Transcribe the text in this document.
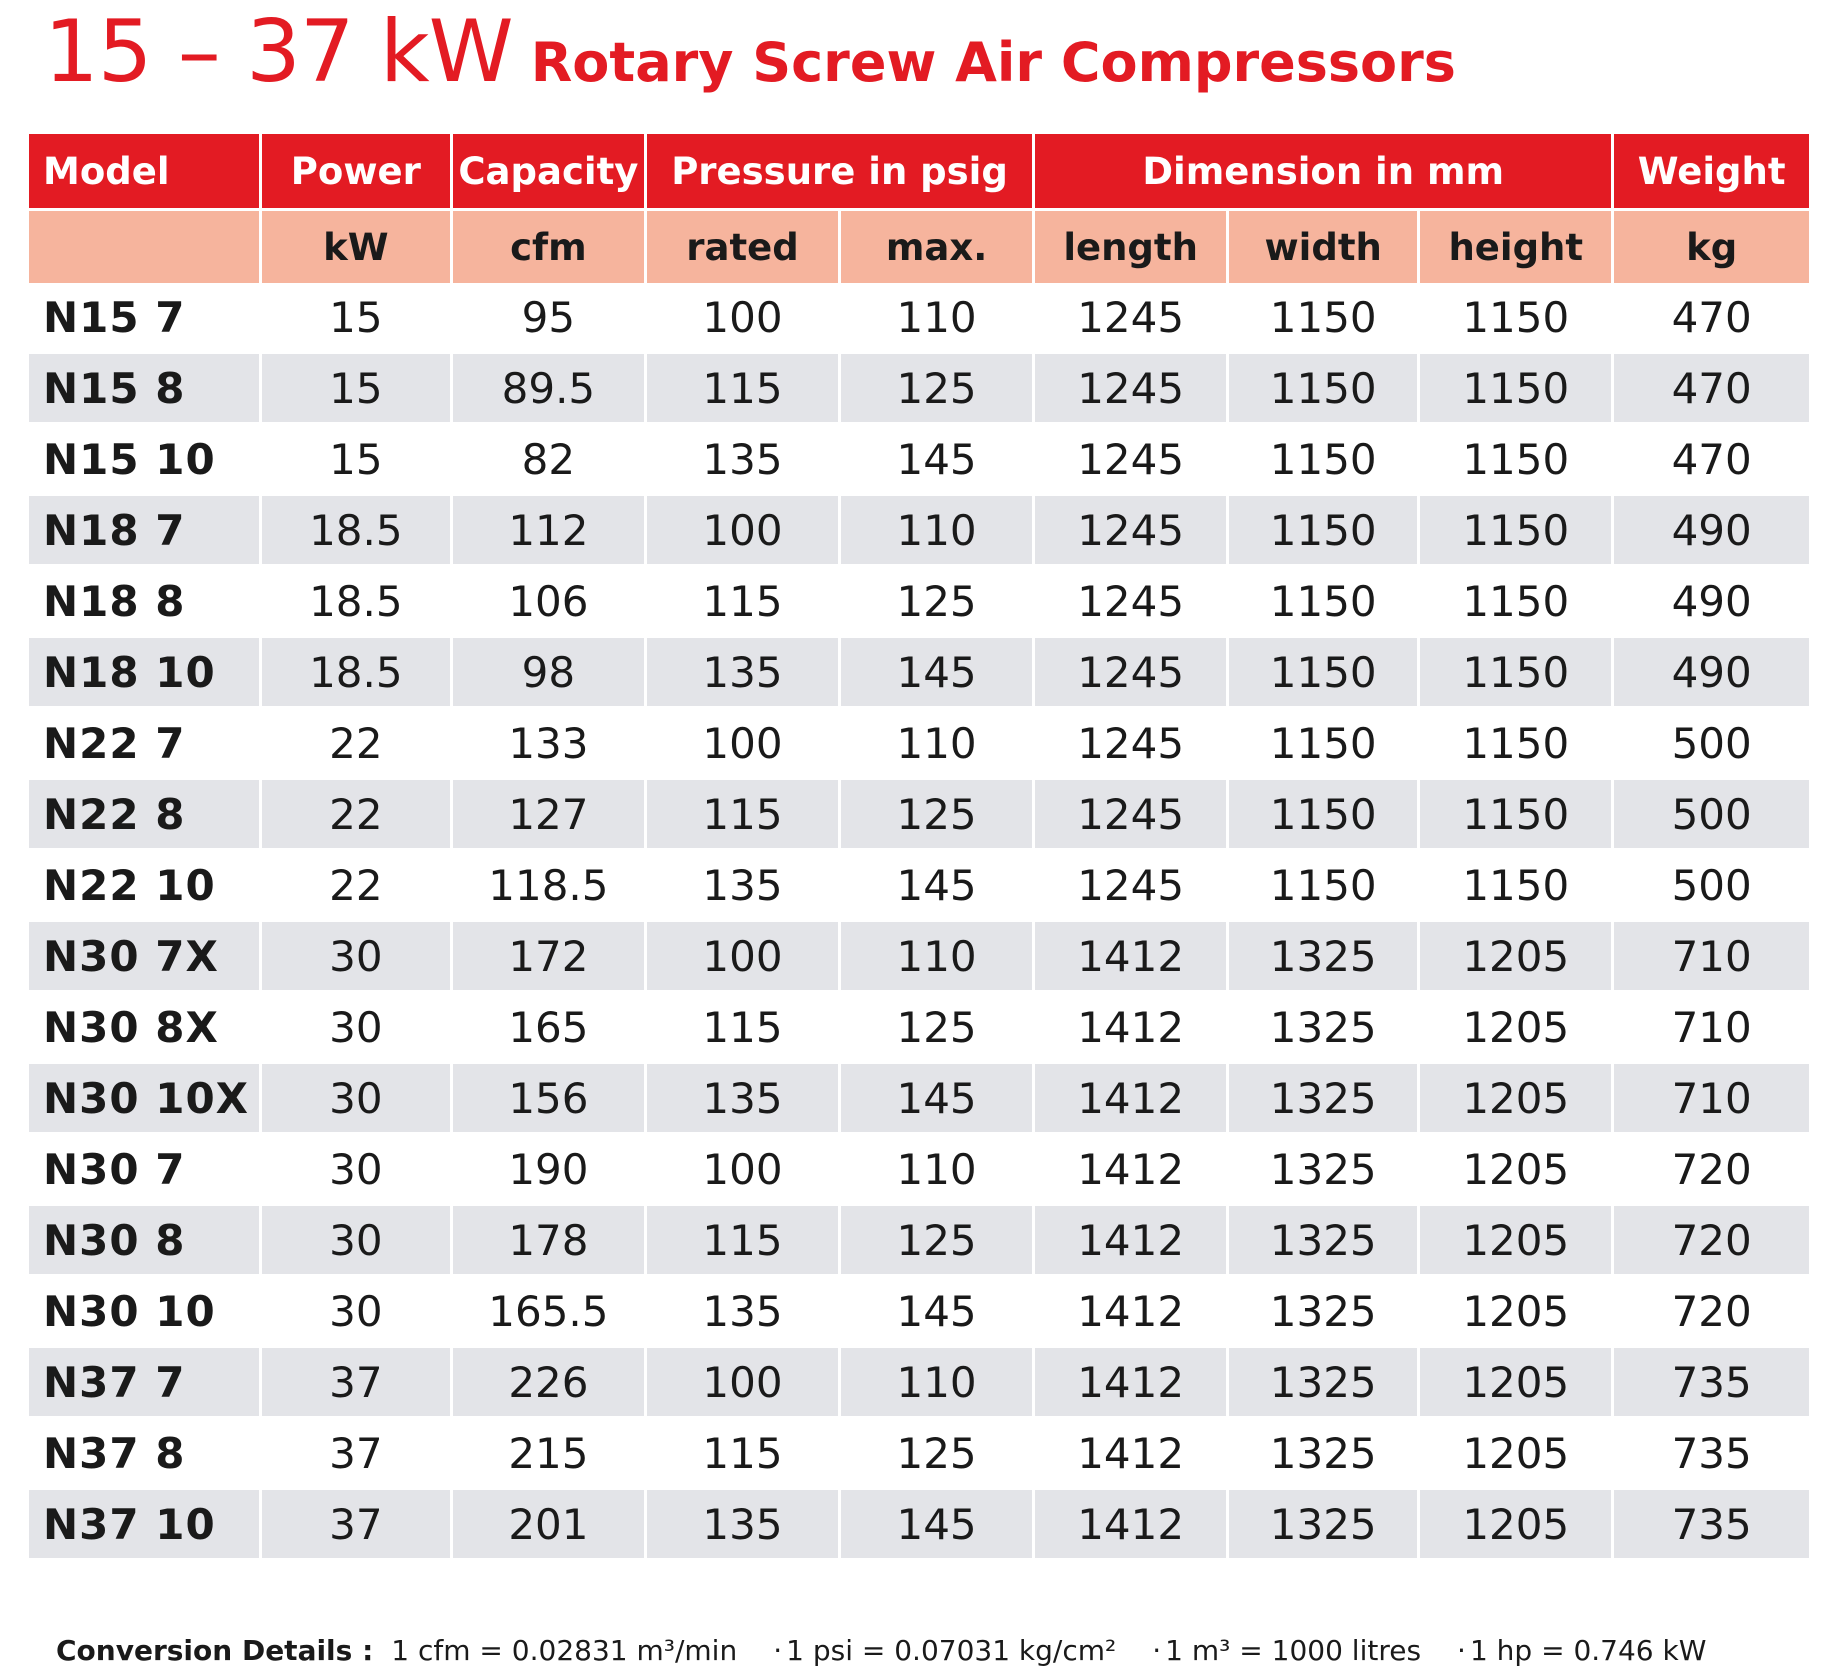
15 – 37 kW Rotary Screw Air Compressors
Model	Power	Capacity	Pressure in psig		Dimension in mm			Weight
	kW	cfm	rated	max.	length	width	height	kg
N15 7	15	95	100	110	1245	1150	1150	470
N15 8	15	89.5	115	125	1245	1150	1150	470
N15 10	15	82	135	145	1245	1150	1150	470
N18 7	18.5	112	100	110	1245	1150	1150	490
N18 8	18.5	106	115	125	1245	1150	1150	490
N18 10	18.5	98	135	145	1245	1150	1150	490
N22 7	22	133	100	110	1245	1150	1150	500
N22 8	22	127	115	125	1245	1150	1150	500
N22 10	22	118.5	135	145	1245	1150	1150	500
N30 7X	30	172	100	110	1412	1325	1205	710
N30 8X	30	165	115	125	1412	1325	1205	710
N30 10X	30	156	135	145	1412	1325	1205	710
N30 7	30	190	100	110	1412	1325	1205	720
N30 8	30	178	115	125	1412	1325	1205	720
N30 10	30	165.5	135	145	1412	1325	1205	720
N37 7	37	226	100	110	1412	1325	1205	735
N37 8	37	215	115	125	1412	1325	1205	735
N37 10	37	201	135	145	1412	1325	1205	735
Conversion Details : 1 cfm = 0.02831 m³/min · 1 psi = 0.07031 kg/cm² · 1 m³ = 1000 litres · 1 hp = 0.746 kW
